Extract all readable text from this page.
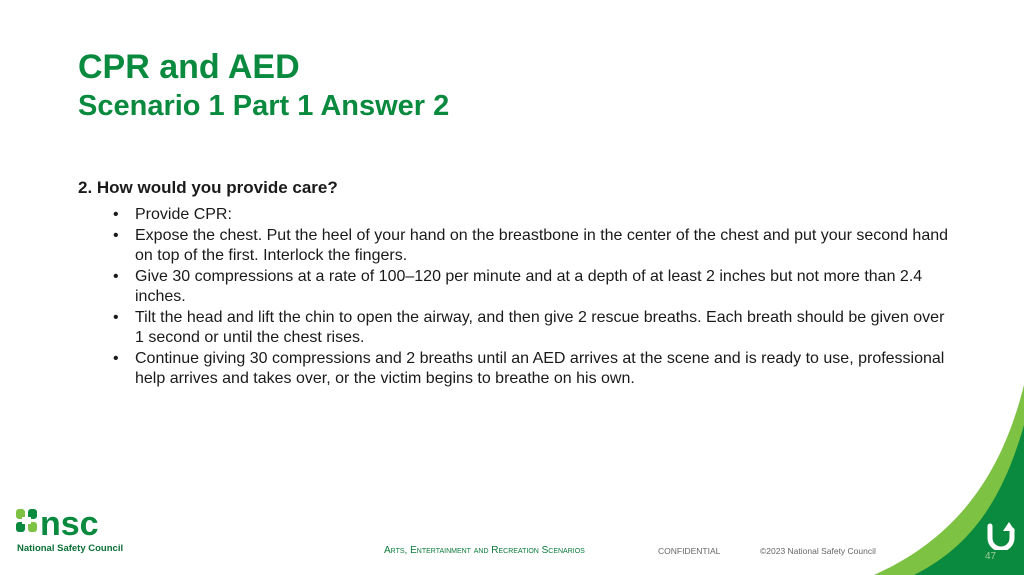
CPR and AED
Scenario 1 Part 1 Answer 2

2. How would you provide care?

• Provide CPR:
• Expose the chest. Put the heel of your hand on the breastbone in the center of the chest and put your second hand on top of the first. Interlock the fingers.
• Give 30 compressions at a rate of 100–120 per minute and at a depth of at least 2 inches but not more than 2.4 inches.
• Tilt the head and lift the chin to open the airway, and then give 2 rescue breaths. Each breath should be given over 1 second or until the chest rises.
• Continue giving 30 compressions and 2 breaths until an AED arrives at the scene and is ready to use, professional help arrives and takes over, or the victim begins to breathe on his own.
47
nsc
National Safety Council	Arts, Entertainment and Recreation Scenarios	CONFIDENTIAL	©2023 National Safety Council
